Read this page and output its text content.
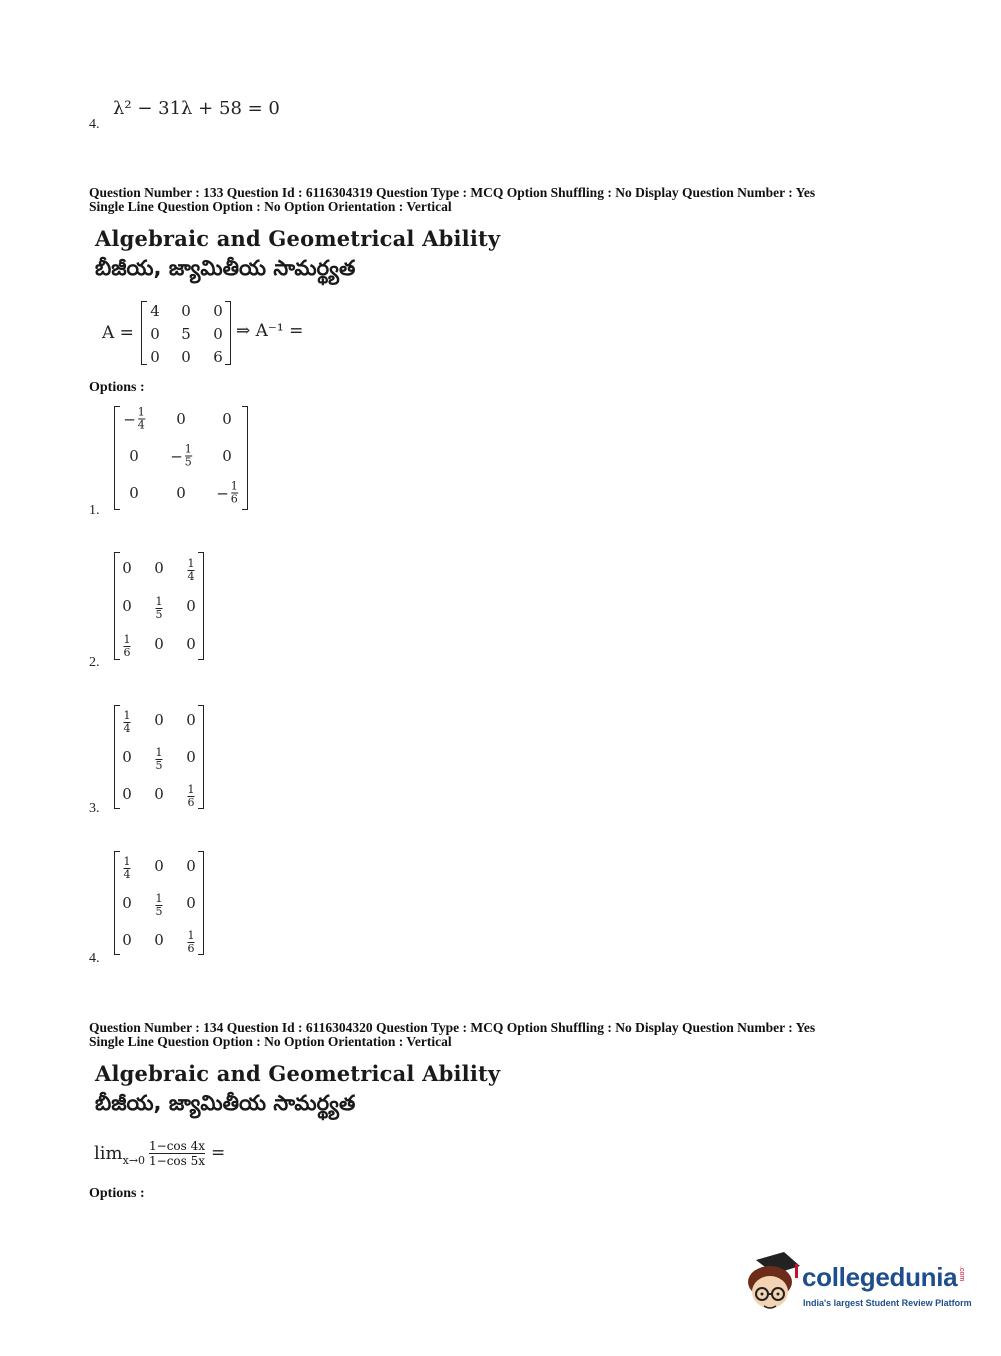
4.
λ² − 31λ + 58 = 0
Question Number : 133 Question Id : 6116304319 Question Type : MCQ Option Shuffling : No Display Question Number : Yes
Single Line Question Option : No Option Orientation : Vertical
Algebraic and Geometrical Ability
బీజీయ, జ్యామితీయ సామర్థ్యత
A =
4 0 0
0 5 0
0 0 6
⇒ A⁻¹ =
Options :
1.
− $\frac{1}{4} 0$ 0
$0 - \frac{1}{5} 0$
0 $0 - \frac{1}{6}$
2.
0 $0 \frac{1}{4}$
$0 \frac{1}{5} 0$
$\frac{1}{6} 0$ 0
3.
$\frac{1}{4} 0$ 0
$0 \frac{1}{5} 0$
0 $0 \frac{1}{6}$
4.
$\frac{1}{4} 0$ 0
$0 \frac{1}{5} 0$
0 $0 \frac{1}{6}$
Question Number : 134 Question Id : 6116304320 Question Type : MCQ Option Shuffling : No Display Question Number : Yes
Single Line Question Option : No Option Orientation : Vertical
Algebraic and Geometrical Ability
బీజీయ, జ్యామితీయ సామర్థ్యత
lim x→0
1−cos 4x
1−cos 5x =
Options :
collegedunia .com
India's largest Student Review Platform
